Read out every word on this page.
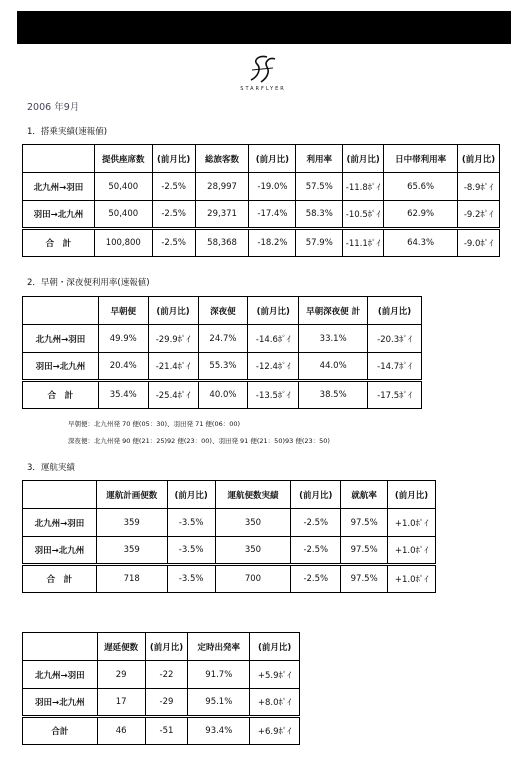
STARFLYER
2006 年9月
1．搭乗実績(速報値)
	提供座席数	(前月比)	総旅客数	(前月比)	利用率	(前月比)	日中帯利用率	(前月比)
北九州→羽田	50,400	-2.5%	28,997	-19.0%	57.5%	-11.8ﾎﾟｲ	65.6%	-8.9ﾎﾟｲ
羽田→北九州	50,400	-2.5%	29,371	-17.4%	58.3%	-10.5ﾎﾟｲ	62.9%	-9.2ﾎﾟｲ
合　計	100,800	-2.5%	58,368	-18.2%	57.9%	-11.1ﾎﾟｲ	64.3%	-9.0ﾎﾟｲ
2．早朝・深夜便利用率(速報値)
	早朝便	(前月比)	深夜便	(前月比)	早朝深夜便 計	(前月比)
北九州→羽田	49.9%	-29.9ﾎﾟｲ	24.7%	-14.6ﾎﾟｲ	33.1%	-20.3ﾎﾟｲ
羽田→北九州	20.4%	-21.4ﾎﾟｲ	55.3%	-12.4ﾎﾟｲ	44.0%	-14.7ﾎﾟｲ
合　計	35.4%	-25.4ﾎﾟｲ	40.0%	-13.5ﾎﾟｲ	38.5%	-17.5ﾎﾟｲ
早朝便：北九州発 70 便(05：30)、羽田発 71 便(06：00)
深夜便：北九州発 90 便(21：25)92 便(23：00)、羽田発 91 便(21：50)93 便(23：50)
3．運航実績
	運航計画便数	(前月比)	運航便数実績	(前月比)	就航率	(前月比)
北九州→羽田	359	-3.5%	350	-2.5%	97.5%	+1.0ﾎﾟｲ
羽田→北九州	359	-3.5%	350	-2.5%	97.5%	+1.0ﾎﾟｲ
合　計	718	-3.5%	700	-2.5%	97.5%	+1.0ﾎﾟｲ
	遅延便数	(前月比)	定時出発率	(前月比)
北九州→羽田	29	-22	91.7%	+5.9ﾎﾟｲ
羽田→北九州	17	-29	95.1%	+8.0ﾎﾟｲ
合計	46	-51	93.4%	+6.9ﾎﾟｲ
